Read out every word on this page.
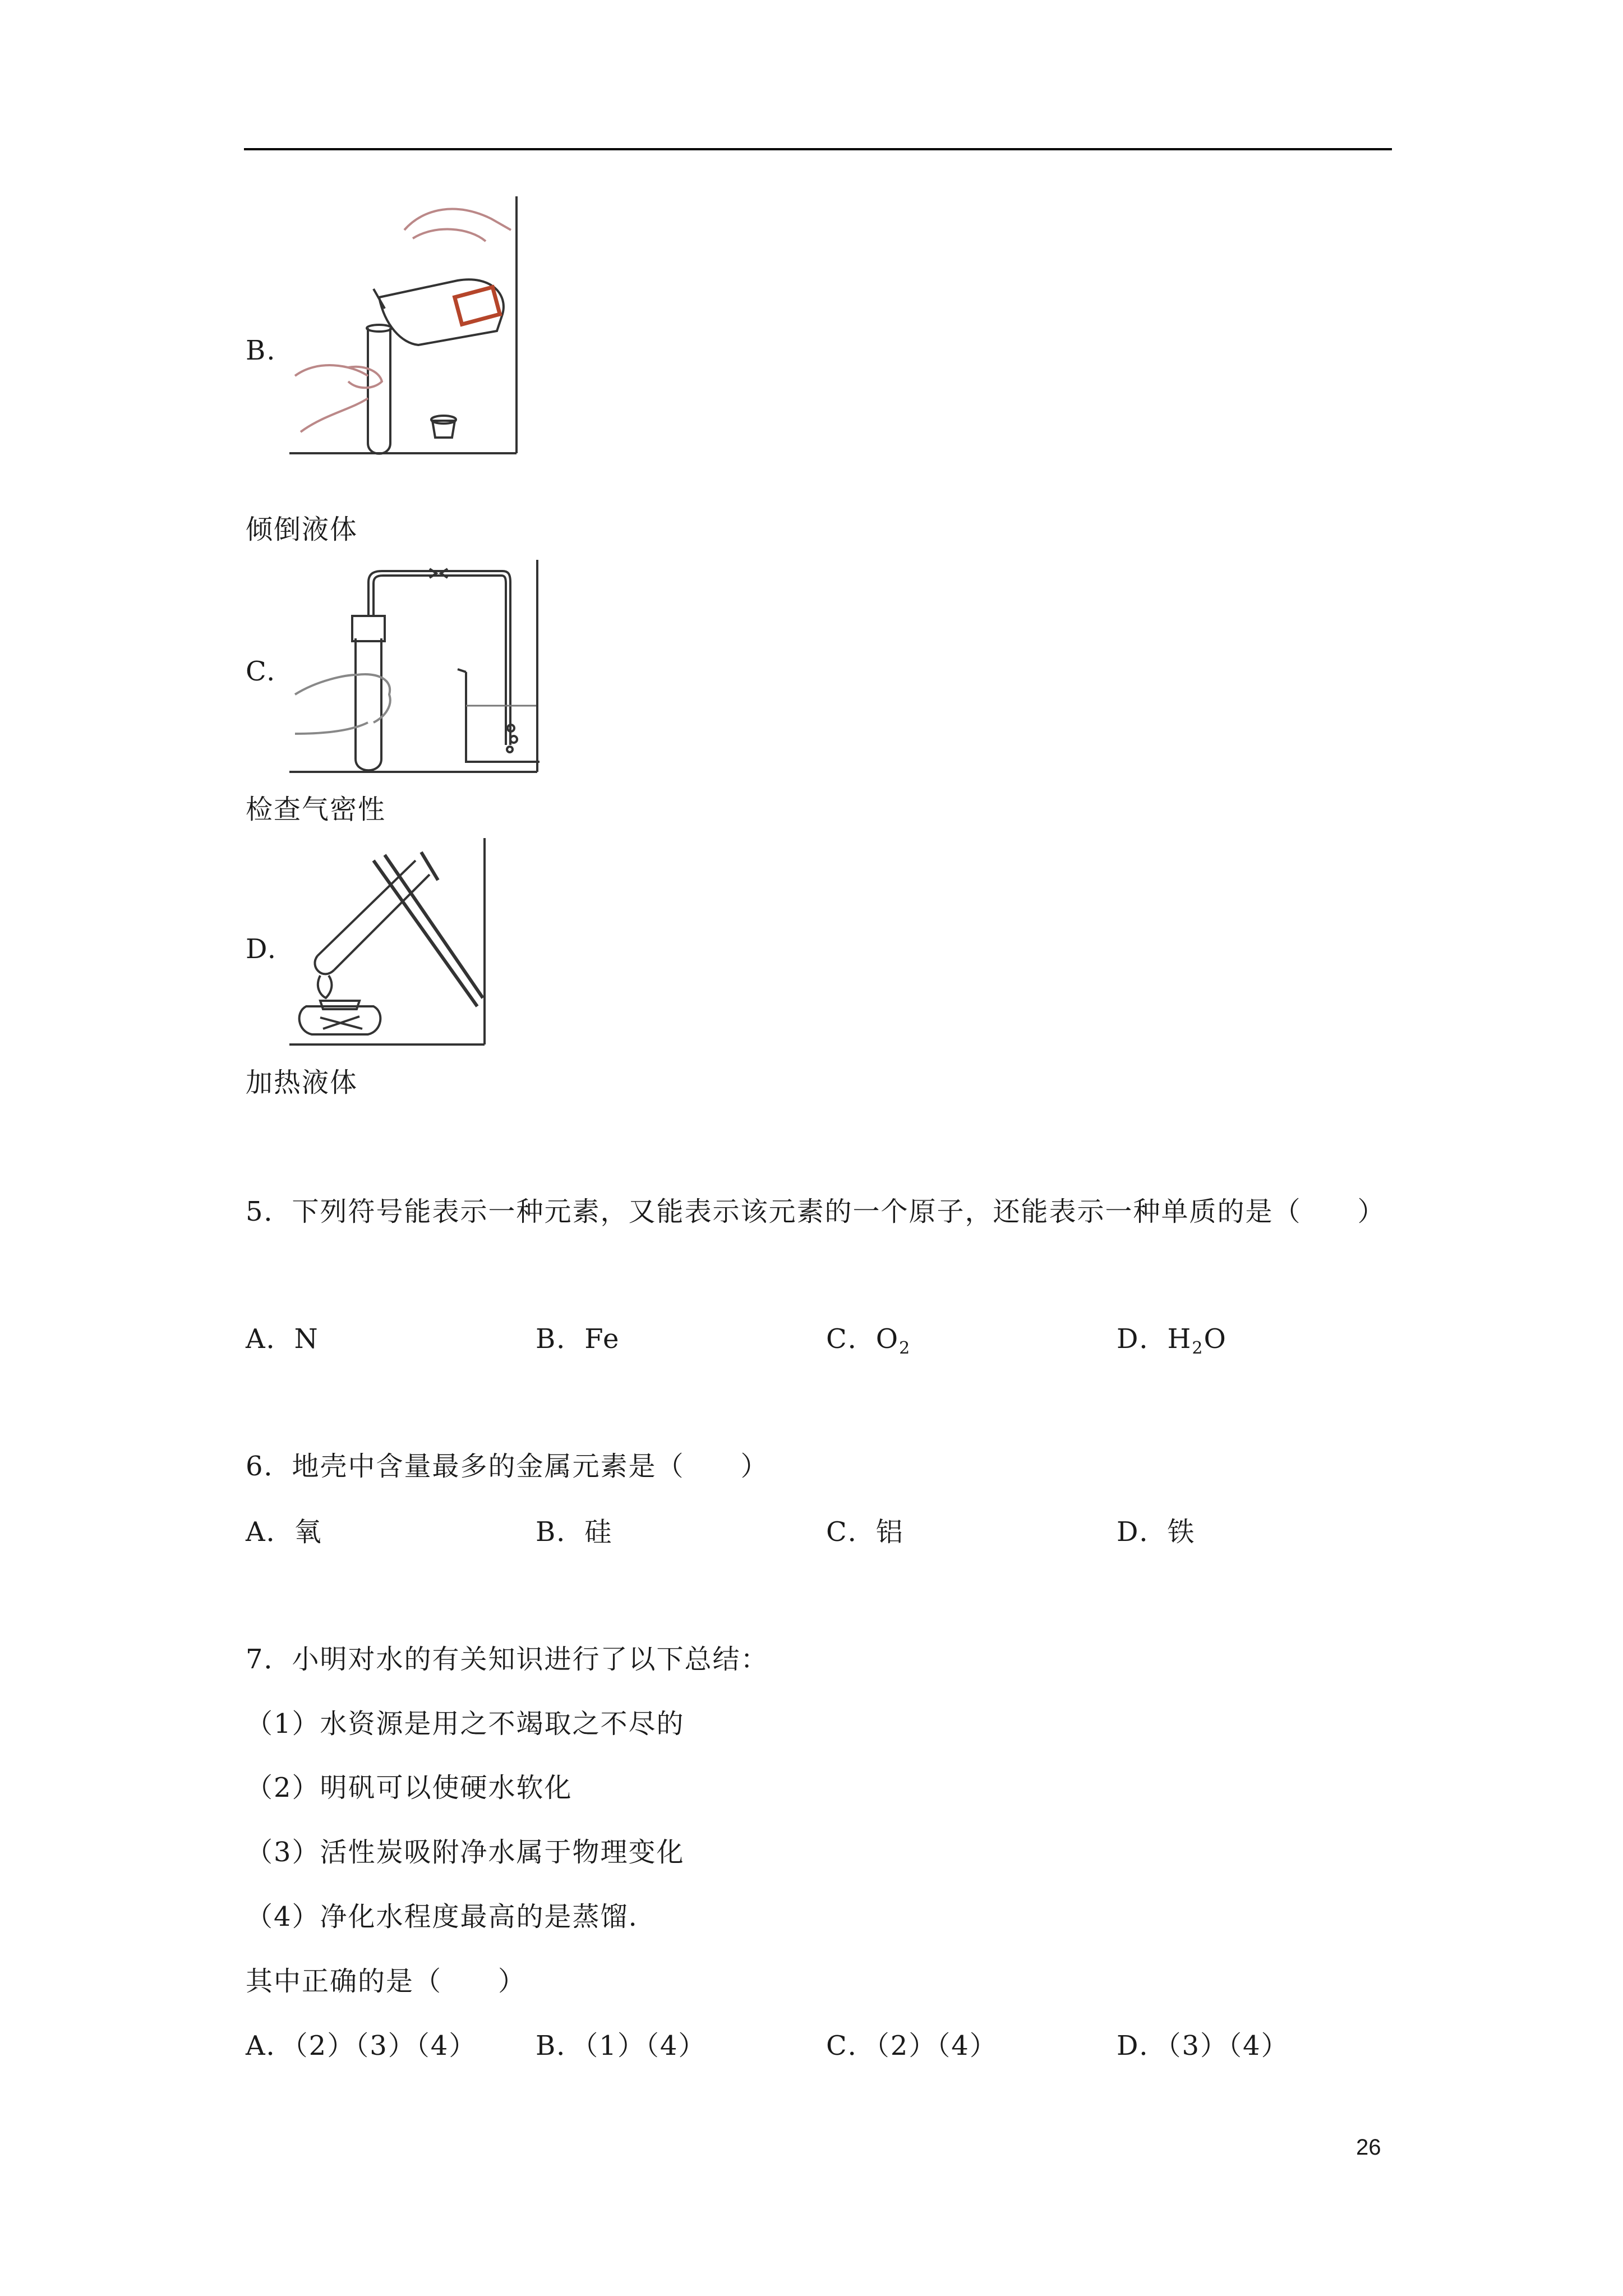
B.
倾倒液体
C.
检查气密性
D.
加热液体
5．下列符号能表示一种元素，又能表示该元素的一个原子，还能表示一种单质的是（　　）
A．N	B．Fe	C．$O_2$	D．$H_2O$
6．地壳中含量最多的金属元素是（　　）
A．氧	B．硅	C．铝	D．铁
7．小明对水的有关知识进行了以下总结：
（1）水资源是用之不竭取之不尽的
（2）明矾可以使硬水软化
（3）活性炭吸附净水属于物理变化
（4）净化水程度最高的是蒸馏.
其中正确的是（　　）
A．（2）（3）（4） B．（1）（4）	C．（2）（4）	D．（3）（4）
26
